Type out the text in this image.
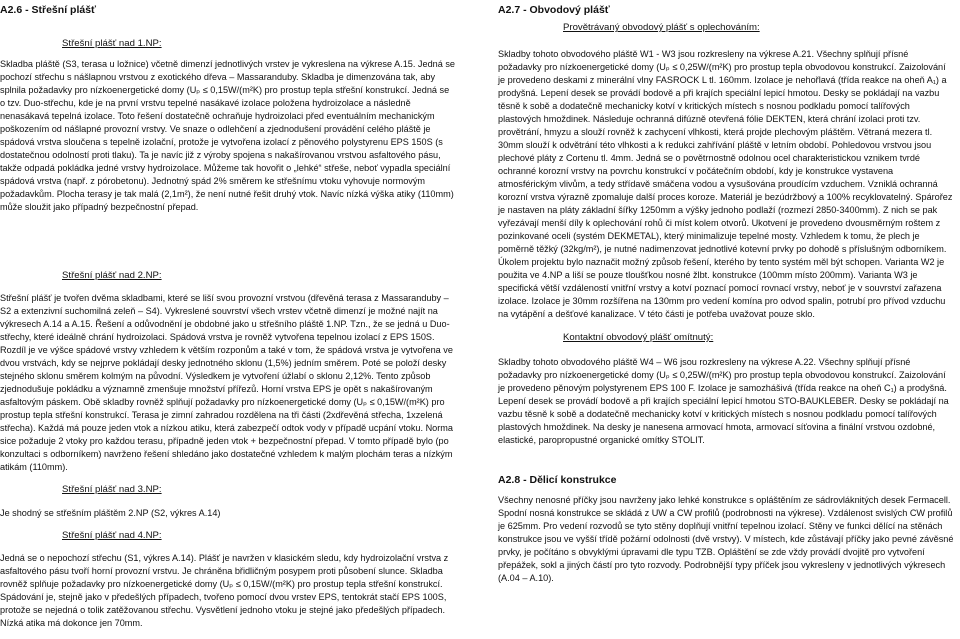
A2.6 - Střešní plášť
Střešní plášť nad 1.NP:
Skladba pláště (S3, terasa u ložnice) včetně dimenzí jednotlivých vrstev je vykreslena na výkrese A.15. Jedná se pochozí střechu s nášlapnou vrstvou z exotického dřeva – Massaranduby. Skladba je dimenzována tak, aby splnila požadavky pro nízkoenergetické domy (Uₚ ≤ 0,15W/(m²K) pro prostup tepla střešní konstrukcí. Jedná se o tzv. Duo-střechu, kde je na první vrstvu tepelné nasákavé izolace položena hydroizolace a následně nenasákavá tepelná izolace. Toto řešení dostatečně ochraňuje hydroizolaci před eventuálním mechanickým poškozením od nášlapné provozní vrstvy. Ve snaze o odlehčení a zjednodušení provádění celého pláště je spádová vrstva sloučena s tepelně izolační, protože je vytvořena izolací z pěnového polystyrenu EPS 150S (s dostatečnou odolností proti tlaku). Ta je navíc již z výroby spojena s nakašírovanou vrstvou asfaltového pásu, takže odpadá pokládka jedné vrstvy hydroizolace. Můžeme tak hovořit o „lehké“ střeše, neboť vypadla speciální spádová vrstva (např. z pórobetonu). Jednotný spád 2% směrem ke střešnímu vtoku vyhovuje normovým požadavkům. Plocha terasy je tak malá (2,1m²), že není nutné řešit druhý vtok. Navíc nízká výška atiky (110mm) může sloužit jako případný bezpečnostní přepad.
Střešní plášť nad 2.NP:
Střešní plášť je tvořen dvěma skladbami, které se liší svou provozní vrstvou (dřevěná terasa z Massaranduby – S2 a extenzivní suchomilná zeleň – S4). Vykreslené souvrství všech vrstev včetně dimenzí je možné najít na výkresech A.14 a A.15. Řešení a odůvodnění je obdobné jako u střešního pláště 1.NP. Tzn., že se jedná u Duo-střechy, které ideálně chrání hydroizolaci. Spádová vrstva je rovněž vytvořena tepelnou izolací z EPS 150S. Rozdíl je ve výšce spádové vrstvy vzhledem k větším rozponům a také v tom, že spádová vrstva je vytvořena ve dvou vrstvách, kdy se nejprve pokládají desky jednotného sklonu (1,5%) jedním směrem. Poté se položí desky stejného sklonu směrem kolmým na původní. Výsledkem je vytvoření úžlabí o sklonu 2,12%. Tento způsob zjednodušuje pokládku a významně zmenšuje množství přířezů. Horní vrstva EPS je opět s nakašírovaným asfaltovým páskem. Obě skladby rovněž splňují požadavky pro nízkoenergetické domy (Uₚ ≤ 0,15W/(m²K) pro prostup tepla střešní konstrukcí. Terasa je zimní zahradou rozdělena na tři části (2xdřevěná střecha, 1xzelená střecha). Každá má pouze jeden vtok a nízkou atiku, která zabezpečí odtok vody v případě ucpání vtoku. Norma sice požaduje 2 vtoky pro každou terasu, případně jeden vtok + bezpečnostní přepad. V tomto případě bylo (po konzultaci s odborníkem) navrženo řešení shledáno jako dostatečné vzhledem k malým plochám teras a nízkým atikám (110mm).
Střešní plášť nad 3.NP:
Je shodný se střešním pláštěm 2.NP (S2, výkres A.14)
Střešní plášť nad 4.NP:
Jedná se o nepochozí střechu (S1, výkres A.14). Plášť je navržen v klasickém sledu, kdy hydroizolační vrstva z asfaltového pásu tvoří horní provozní vrstvu. Je chráněna břidličným posypem proti působení slunce. Skladba rovněž splňuje požadavky pro nízkoenergetické domy (Uₚ ≤ 0,15W/(m²K) pro prostup tepla střešní konstrukcí. Spádování je, stejně jako v předešlých případech, tvořeno pomocí dvou vrstev EPS, tentokrát stačí EPS 100S, protože se nejedná o tolik zatěžovanou střechu. Vysvětlení jednoho vtoku je stejné jako předešlých případech. Nízká atika má dokonce jen 70mm.
A2.7 - Obvodový plášť
Provětrávaný obvodový plášť s oplechováním:
Skladby tohoto obvodového pláště W1 - W3 jsou rozkresleny na výkrese A.21. Všechny splňují přísné požadavky pro nízkoenergetické domy (Uₚ ≤ 0,25W/(m²K) pro prostup tepla obvodovou konstrukcí. Zaizolování je provedeno deskami z minerální vlny FASROCK L tl. 160mm. Izolace je nehořlavá (třída reakce na oheň A₁) a prodyšná. Lepení desek se provádí bodově a při krajích speciální lepicí hmotou. Desky se pokládají na vazbu těsně k sobě a dodatečně mechanicky kotví v kritických místech s nosnou podkladu pomocí talířových plastových hmoždinek. Následuje ochranná difúzně otevřená fólie DEKTEN, která chrání izolaci proti tzv. provětrání, hmyzu a slouží rovněž k zachycení vlhkosti, která projde plechovým pláštěm. Větraná mezera tl. 30mm slouží k odvětrání této vlhkosti a k redukci zahřívání pláště v letním období. Pohledovou vrstvou jsou plechové pláty z Cortenu tl. 4mm. Jedná se o povětrnostně odolnou ocel charakteristickou vznikem tvrdé ochranné korozní vrstvy na povrchu konstrukcí v počátečním období, kdy je konstrukce vystavena atmosférickým vlivům, a tedy střídavě smáčena vodou a vysušována proudícím vzduchem. Vzniklá ochranná korozní vrstva výrazně zpomaluje další proces koroze. Materiál je bezúdržbový a 100% recyklovatelný. Spárořez je nastaven na pláty základní šířky 1250mm a výšky jednoho podlaží (rozmezí 2850-3400mm). Z nich se pak vyřezávají menší díly k oplechování rohů či míst kolem otvorů. Ukotvení je provedeno dvousměrným roštem z pozinkované oceli (systém DEKMETAL), který minimalizuje tepelné mosty. Vzhledem k tomu, že plech je poměrně těžký (32kg/m²), je nutné nadimenzovat jednotlivé kotevní prvky po dohodě s příslušným odborníkem. Úkolem projektu bylo naznačit možný způsob řešení, kterého by tento systém měl být schopen. Varianta W2 je použita ve 4.NP a liší se pouze tloušťkou nosné žlbt. konstrukce (100mm místo 200mm). Varianta W3 je specifická větší vzdáleností vnitřní vrstvy a kotví poznací pomocí rovnací vrstvy, neboť je v souvrství zařazena izolace. Izolace je 30mm rozšířena na 130mm pro vedení komína pro odvod spalin, potrubí pro přívod vzduchu na vytápění a dešťové kanalizace. V této části je potřeba uvažovat pouze sklo.
Kontaktní obvodový plášť omítnutý:
Skladby tohoto obvodového pláště W4 – W6 jsou rozkresleny na výkrese A.22. Všechny splňují přísné požadavky pro nízkoenergetické domy (Uₚ ≤ 0,25W/(m²K) pro prostup tepla obvodovou konstrukcí. Zaizolování je provedeno pěnovým polystyrenem EPS 100 F. Izolace je samozhášivá (třída reakce na oheň C₁) a prodyšná. Lepení desek se provádí bodově a při krajích speciální lepicí hmotou STO-BAUKLEBER. Desky se pokládají na vazbu těsně k sobě a dodatečně mechanicky kotví v kritických místech s nosnou podkladu pomocí talířových plastových hmoždinek. Na desky je nanesena armovací hmota, armovací síťovina a finální vrstvou ozdobné, elastické, paropropustné organické omítky STOLIT.
A2.8 - Dělicí konstrukce
Všechny nenosné příčky jsou navrženy jako lehké konstrukce s opláštěním ze sádrovláknitých desek Fermacell. Spodní nosná konstrukce se skládá z UW a CW profilů (podrobnosti na výkrese). Vzdálenost svislých CW profilů je 625mm. Pro vedení rozvodů se tyto stěny doplňují vnitřní tepelnou izolací. Stěny ve funkci dělící na stěnách konstrukce jsou ve vyšší třídě požární odolnosti (dvě vrstvy). V místech, kde zůstávají příčky jako pevné závěsné prvky, je počítáno s obvyklými úpravami dle typu TZB. Opláštění se zde vždy provádí dvojitě pro vytvoření přepážek, sokl a jiných částí pro tyto rozvody. Podrobnější typy příček jsou vykresleny v jednotlivých výkresech (A.04 – A.10).
